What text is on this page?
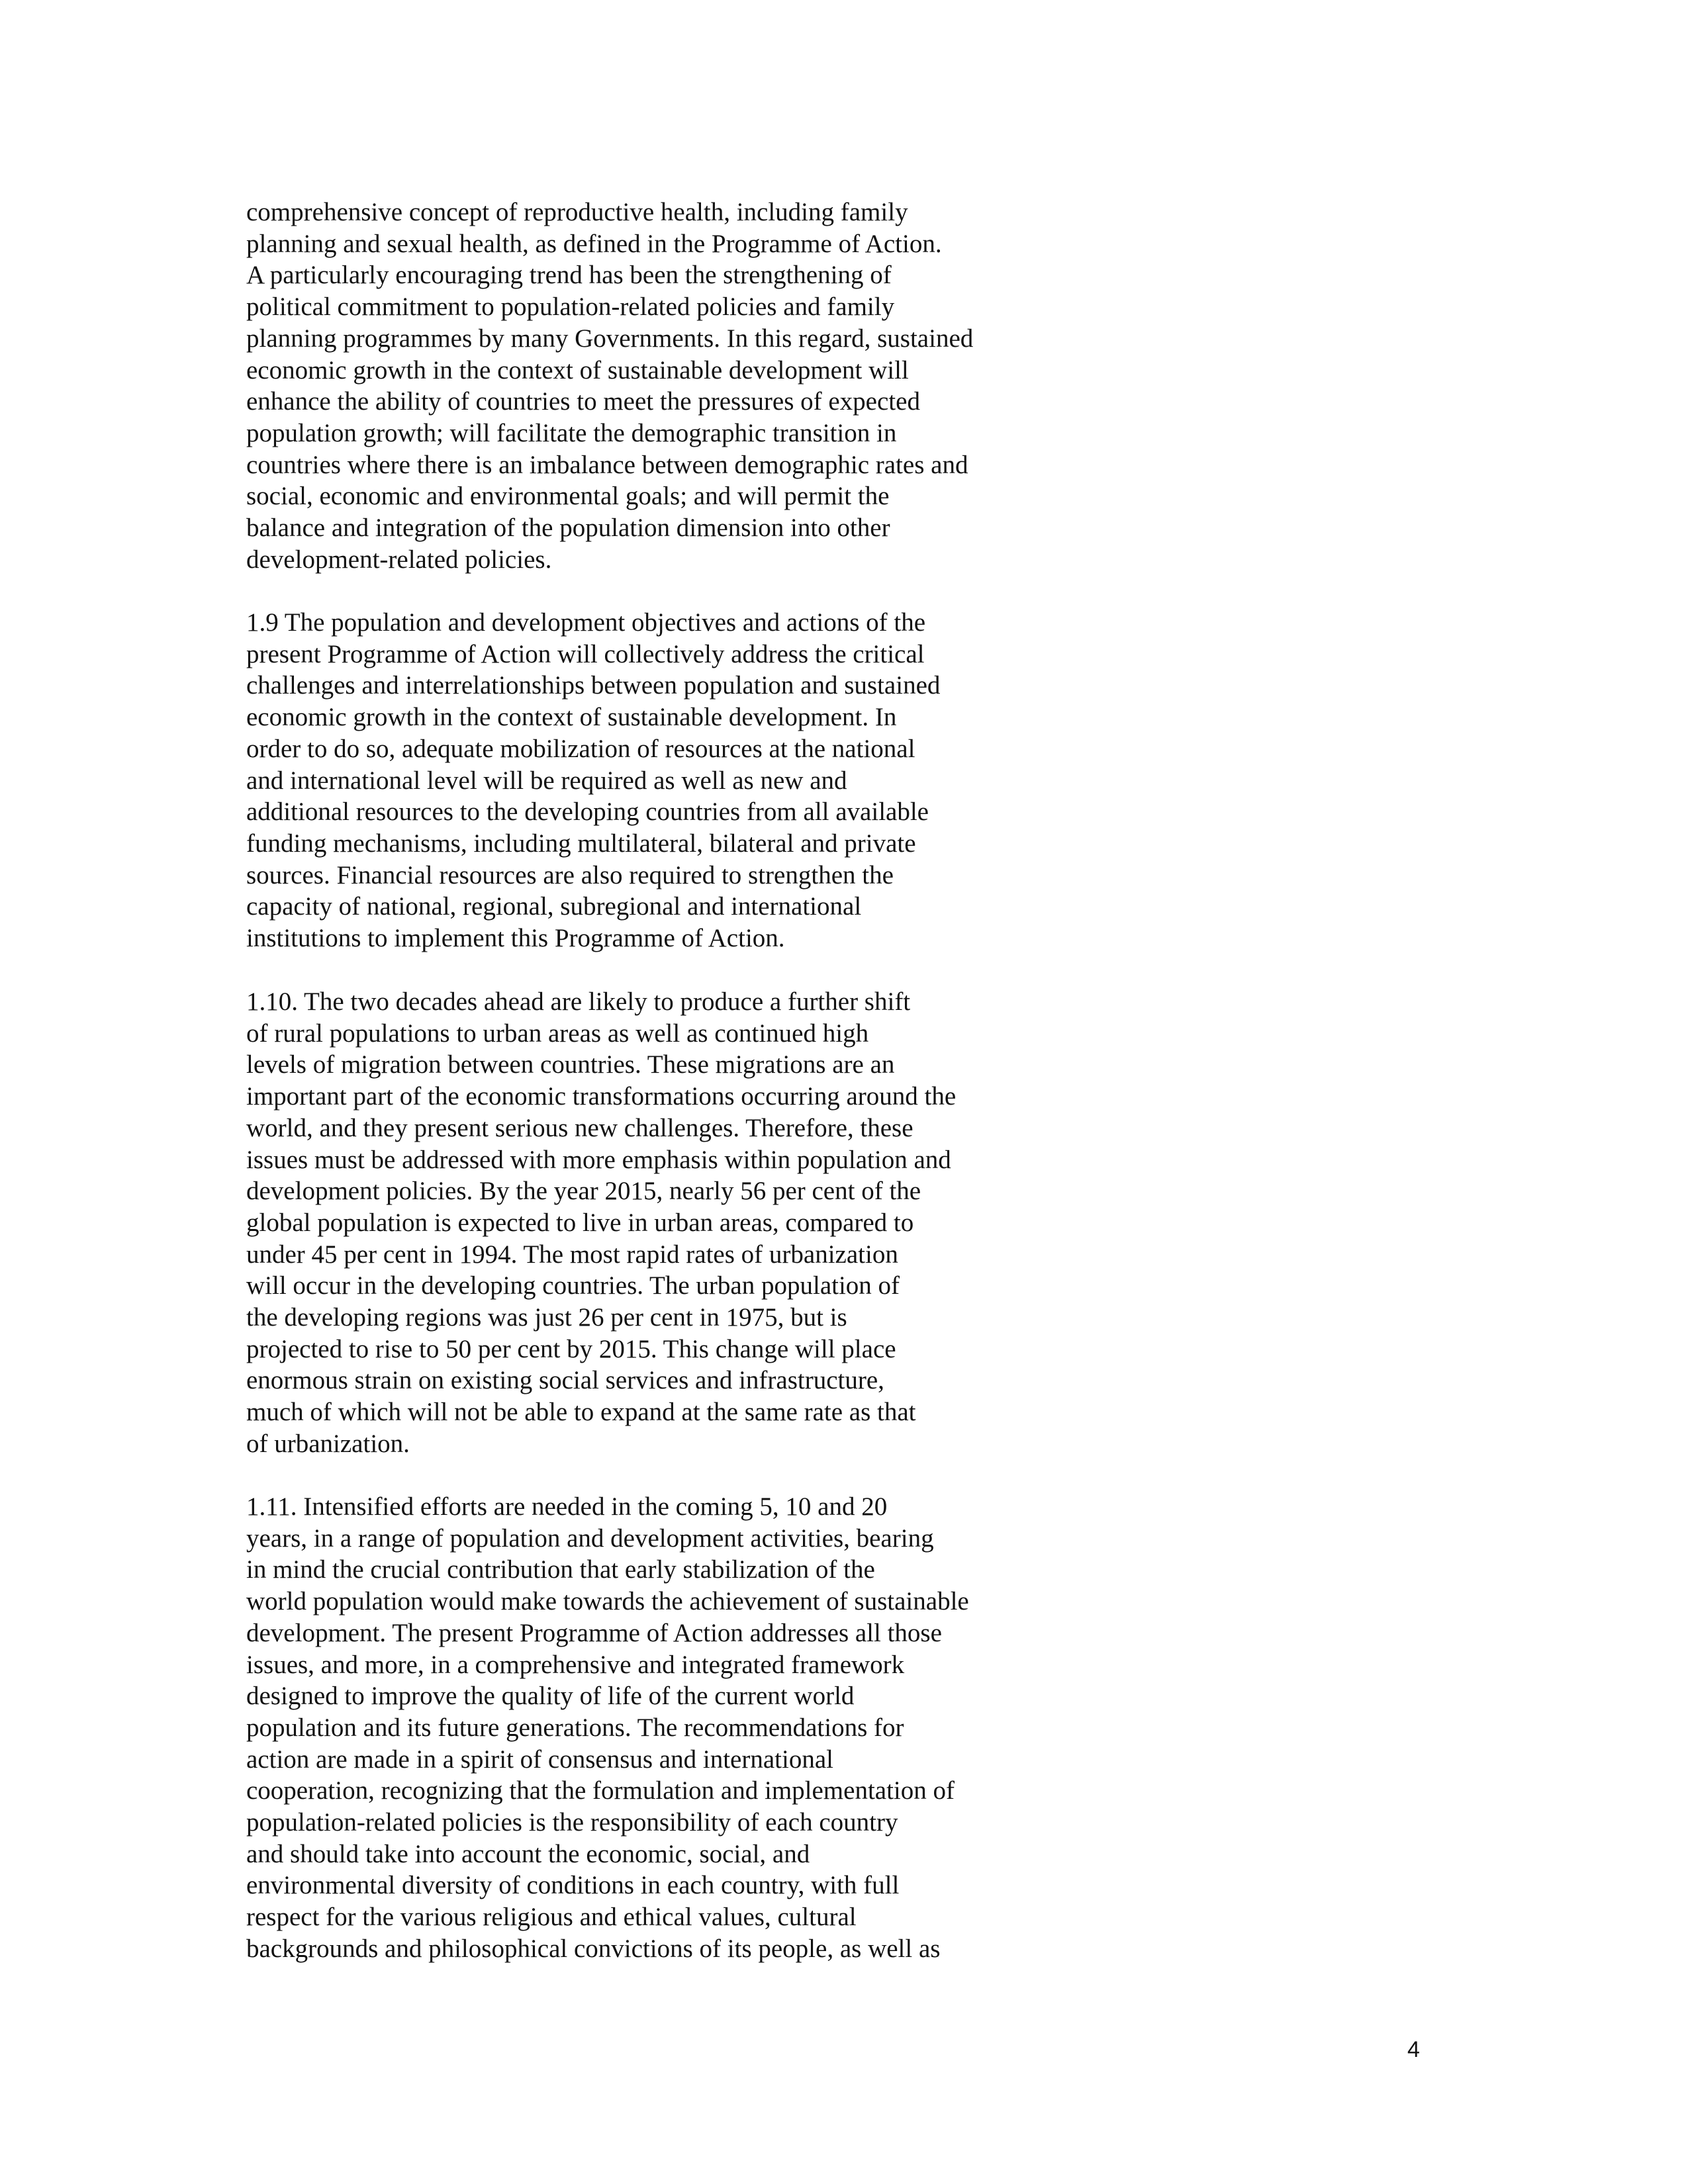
comprehensive concept of reproductive health, including family
planning and sexual health, as defined in the Programme of Action.
A particularly encouraging trend has been the strengthening of
political commitment to population-related policies and family
planning programmes by many Governments. In this regard, sustained
economic growth in the context of sustainable development will
enhance the ability of countries to meet the pressures of expected
population growth; will facilitate the demographic transition in
countries where there is an imbalance between demographic rates and
social, economic and environmental goals; and will permit the
balance and integration of the population dimension into other
development-related policies.
1.9 The population and development objectives and actions of the
present Programme of Action will collectively address the critical
challenges and interrelationships between population and sustained
economic growth in the context of sustainable development. In
order to do so, adequate mobilization of resources at the national
and international level will be required as well as new and
additional resources to the developing countries from all available
funding mechanisms, including multilateral, bilateral and private
sources. Financial resources are also required to strengthen the
capacity of national, regional, subregional and international
institutions to implement this Programme of Action.
1.10. The two decades ahead are likely to produce a further shift
of rural populations to urban areas as well as continued high
levels of migration between countries. These migrations are an
important part of the economic transformations occurring around the
world, and they present serious new challenges. Therefore, these
issues must be addressed with more emphasis within population and
development policies. By the year 2015, nearly 56 per cent of the
global population is expected to live in urban areas, compared to
under 45 per cent in 1994. The most rapid rates of urbanization
will occur in the developing countries. The urban population of
the developing regions was just 26 per cent in 1975, but is
projected to rise to 50 per cent by 2015. This change will place
enormous strain on existing social services and infrastructure,
much of which will not be able to expand at the same rate as that
of urbanization.
1.11. Intensified efforts are needed in the coming 5, 10 and 20
years, in a range of population and development activities, bearing
in mind the crucial contribution that early stabilization of the
world population would make towards the achievement of sustainable
development. The present Programme of Action addresses all those
issues, and more, in a comprehensive and integrated framework
designed to improve the quality of life of the current world
population and its future generations. The recommendations for
action are made in a spirit of consensus and international
cooperation, recognizing that the formulation and implementation of
population-related policies is the responsibility of each country
and should take into account the economic, social, and
environmental diversity of conditions in each country, with full
respect for the various religious and ethical values, cultural
backgrounds and philosophical convictions of its people, as well as
4
